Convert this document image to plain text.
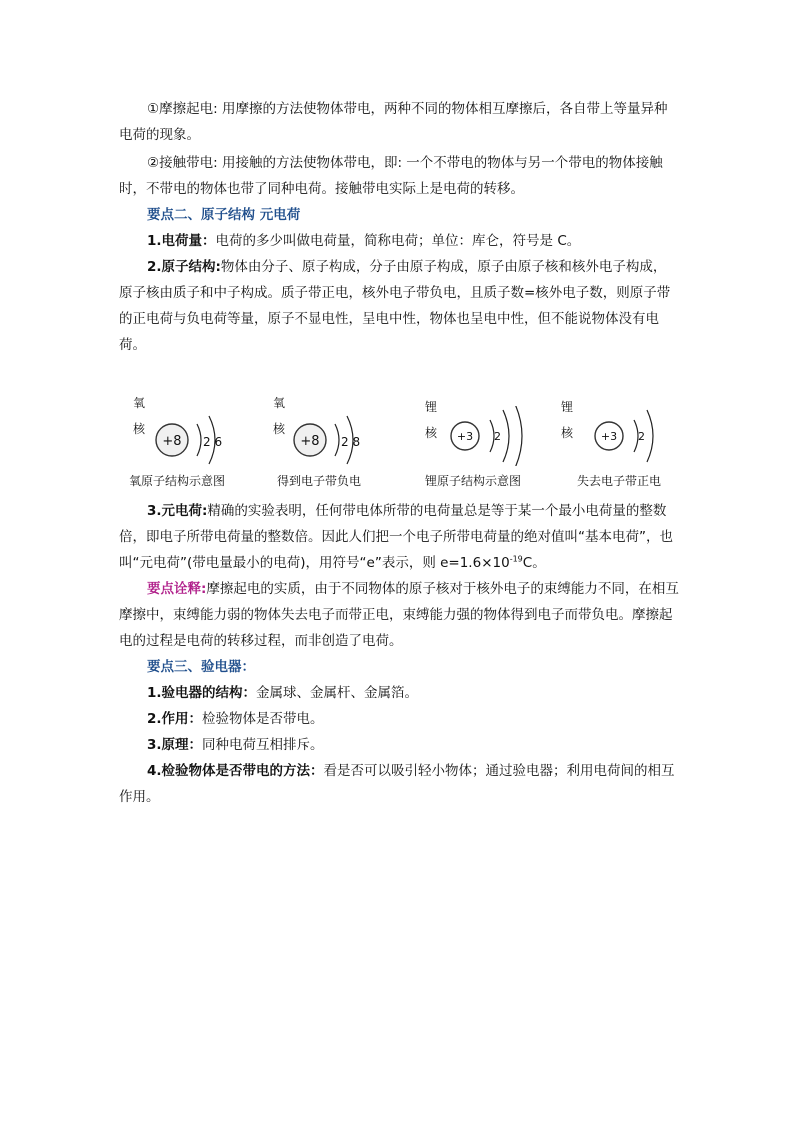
①摩擦起电: 用摩擦的方法使物体带电，两种不同的物体相互摩擦后，各自带上等量异种电荷的现象。

②接触带电: 用接触的方法使物体带电，即: 一个不带电的物体与另一个带电的物体接触时，不带电的物体也带了同种电荷。接触带电实际上是电荷的转移。

要点二、原子结构 元电荷

1.电荷量：电荷的多少叫做电荷量，简称电荷；单位：库仑，符号是 C。

2.原子结构:物体由分子、原子构成，分子由原子构成，原子由原子核和核外电子构成，原子核由质子和中子构成。质子带正电，核外电子带负电，且质子数=核外电子数，则原子带的正电荷与负电荷等量，原子不显电性，呈电中性，物体也呈电中性，但不能说物体没有电荷。

氧核
+8 2 6
氧原子结构示意图
氧核
+8 2 8
得到电子带负电
锂核 +3 2
锂原子结构示意图
锂核	+3 2
失去电子带正电

3.元电荷:精确的实验表明，任何带电体所带的电荷量总是等于某一个最小电荷量的整数倍，即电子所带电荷量的整数倍。因此人们把一个电子所带电荷量的绝对值叫“基本电荷”，也叫“元电荷”(带电量最小的电荷)，用符号“e”表示，则 $e=1.6\times 10^{-19}C$。

要点诠释:摩擦起电的实质，由于不同物体的原子核对于核外电子的束缚能力不同，在相互摩擦中，束缚能力弱的物体失去电子而带正电，束缚能力强的物体得到电子而带负电。摩擦起电的过程是电荷的转移过程，而非创造了电荷。

要点三、验电器：

1.验电器的结构：金属球、金属杆、金属箔。

2.作用：检验物体是否带电。

3.原理：同种电荷互相排斥。

4.检验物体是否带电的方法：看是否可以吸引轻小物体；通过验电器；利用电荷间的相互作用。
